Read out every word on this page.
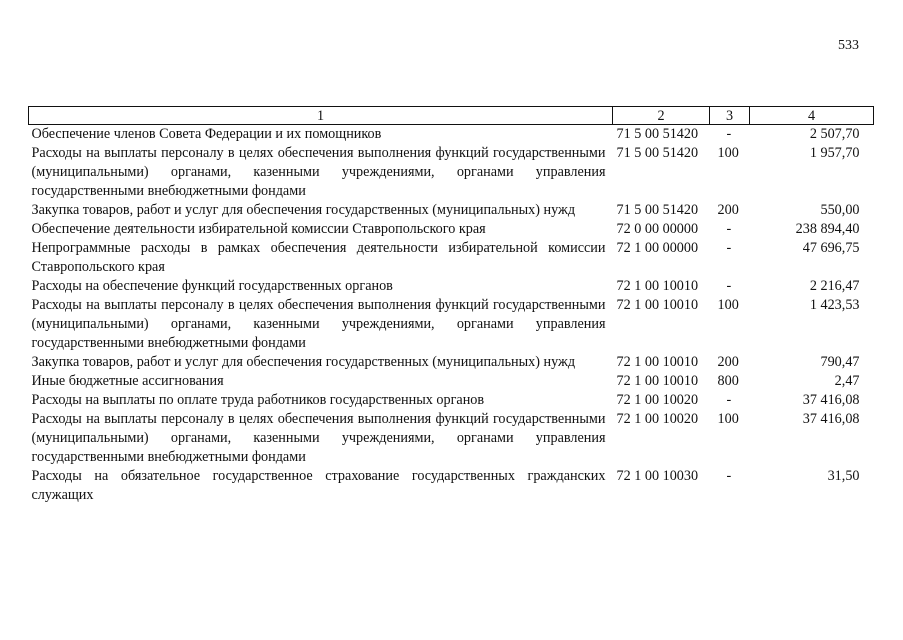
533
1	2	3	4
Обеспечение членов Совета Федерации и их помощников	71 5 00 51420	-	2 507,70
Расходы на выплаты персоналу в целях обеспечения выполнения функций государственными (муниципальными) органами, казенными учреждениями, органами управления государственными внебюджетными фондами	71 5 00 51420	100	1 957,70
Закупка товаров, работ и услуг для обеспечения государственных (муниципальных) нужд	71 5 00 51420	200	550,00
Обеспечение деятельности избирательной комиссии Ставропольского края	72 0 00 00000	-	238 894,40
Непрограммные расходы в рамках обеспечения деятельности избирательной комиссии Ставропольского края	72 1 00 00000	-	47 696,75
Расходы на обеспечение функций государственных органов	72 1 00 10010	-	2 216,47
Расходы на выплаты персоналу в целях обеспечения выполнения функций государственными (муниципальными) органами, казенными учреждениями, органами управления государственными внебюджетными фондами	72 1 00 10010	100	1 423,53
Закупка товаров, работ и услуг для обеспечения государственных (муниципальных) нужд	72 1 00 10010	200	790,47
Иные бюджетные ассигнования	72 1 00 10010	800	2,47
Расходы на выплаты по оплате труда работников государственных органов	72 1 00 10020	-	37 416,08
Расходы на выплаты персоналу в целях обеспечения выполнения функций государственными (муниципальными) органами, казенными учреждениями, органами управления государственными внебюджетными фондами	72 1 00 10020	100	37 416,08
Расходы на обязательное государственное страхование государственных гражданских служащих	72 1 00 10030	-	31,50
